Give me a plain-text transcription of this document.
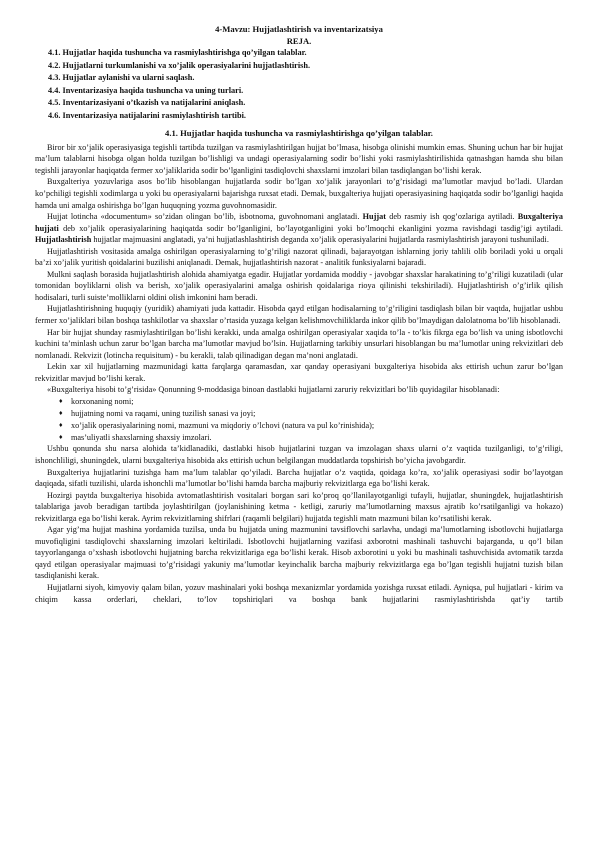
4-Mavzu: Hujjatlashtirish va inventarizatsiya

REJA.

4.1. Hujjatlar haqida tushuncha va rasmiylashtirishga qo’yilgan talablar.
4.2. Hujjatlarni turkumlanishi va xo’jalik operasiyalarini hujjatlashtirish.
4.3. Hujjatlar aylanishi va ularni saqlash.
4.4. Inventarizasiya haqida tushuncha va uning turlari.
4.5. Inventarizasiyani o’tkazish va natijalarini aniqlash.
4.6. Inventarizasiya natijalarini rasmiylashtirish tartibi.

4.1. Hujjatlar haqida tushuncha va rasmiylashtirishga qo’yilgan talablar.

Biror bir xo’jalik operasiyasiga tegishli tartibda tuzilgan va rasmiylashtirilgan hujjat bo’lmasa, hisobga olinishi mumkin emas. Shuning uchun har bir hujjat ma’lum talablarni hisobga olgan holda tuzilgan bo’lishligi va undagi operasiyalarning sodir bo’lishi yoki rasmiylashtirilishida qatnashgan hamda shu bilan tegishli jarayonlar haqiqatda fermer xo’jaliklarida sodir bo’lganligini tasdiqlovchi shaxslarni imzolari bilan tasdiqlangan bo’lishi kerak.

Buxgalteriya yozuvlariga asos bo’lib hisoblangan hujjatlarda sodir bo’lgan xo’jalik jarayonlari to’g’risidagi ma’lumotlar mavjud bo’ladi. Ulardan ko’pchiligi tegishli xodimlarga u yoki bu operasiyalarni bajarishga ruxsat etadi. Demak, buxgalteriya hujjati operasiyasining haqiqatda sodir bo’lganligi haqida hamda uni amalga oshirishga bo’lgan huquqning yozma guvohnomasidir.

Hujjat lotincha «documentum» so’zidan olingan bo’lib, isbotnoma, guvohnomani anglatadi. Hujjat deb rasmiy ish qog’ozlariga aytiladi. Buxgalteriya hujjati deb xo’jalik operasiyalarining haqiqatda sodir bo’lganligini, bo’layotganligini yoki bo’lmoqchi ekanligini yozma ravishdagi tasdig’igi aytiladi. Hujjatlashtirish hujjatlar majmuasini anglatadi, ya’ni hujjatlashlashtirish deganda xo’jalik operasiyalarini hujjatlarda rasmiylashtirish jarayoni tushuniladi.

Hujjatlashtirish vositasida amalga oshirilgan operasiyalarning to’g’riligi nazorat qilinadi, bajarayotgan ishlarning joriy tahlili olib boriladi yoki u orqali ba’zi xo’jalik yuritish qoidalarini buzilishi aniqlanadi. Demak, hujjatlashtirish nazorat - analitik funksiyalarni bajaradi.

Mulkni saqlash borasida hujjatlashtirish alohida ahamiyatga egadir. Hujjatlar yordamida moddiy - javobgar shaxslar harakatining to’g’riligi kuzatiladi (ular tomonidan boyliklarni olish va berish, xo’jalik operasiyalarini amalga oshirish qoidalariga rioya qilinishi tekshiriladi). Hujjatlashtirish o’g’irlik qilish hodisalari, turli suiste’molliklarni oldini olish imkonini ham beradi.

Hujjatlashtirishning huquqiy (yuridik) ahamiyati juda kattadir. Hisobda qayd etilgan hodisalarning to’g’riligini tasdiqlash bilan bir vaqtda, hujjatlar ushbu fermer xo’jaliklari bilan boshqa tashkilotlar va shaxslar o’rtasida yuzaga kelgan kelishmovchiliklarda inkor qilib bo’lmaydigan dalolatnoma bo’lib hisoblanadi.

Har bir hujjat shunday rasmiylashtirilgan bo’lishi kerakki, unda amalga oshirilgan operasiyalar xaqida to’la - to’kis fikrga ega bo’lish va uning isbotlovchi kuchini ta’minlash uchun zarur bo’lgan barcha ma’lumotlar mavjud bo’lsin. Hujjatlarning tarkibiy unsurlari hisoblangan bu ma’lumotlar uning rekvizitlari deb nomlanadi. Rekvizit (lotincha requisitum) - bu kerakli, talab qilinadigan degan ma’noni anglatadi.

Lekin xar xil hujjatlarning mazmunidagi katta farqlarga qaramasdan, xar qanday operasiyani buxgalteriya hisobida aks ettirish uchun zarur bo’lgan rekvizitlar mavjud bo’lishi kerak.

«Buxgalteriya hisobi to’g’risida» Qonunning 9-moddasiga binoan dastlabki hujjatlarni zaruriy rekvizitlari bo’lib quyidagilar hisoblanadi:

♦ korxonaning nomi;
♦ hujjatning nomi va raqami, uning tuzilish sanasi va joyi;
♦ xo’jalik operasiyalarining nomi, mazmuni va miqdoriy o’lchovi (natura va pul ko’rinishida);
♦ mas’uliyatli shaxslarning shaxsiy imzolari.

Ushbu qonunda shu narsa alohida ta’kidlanadiki, dastlabki hisob hujjatlarini tuzgan va imzolagan shaxs ularni o’z vaqtida tuzilganligi, to’g’riligi, ishonchliligi, shuningdek, ularni buxgalteriya hisobida aks ettirish uchun belgilangan muddatlarda topshirish bo’yicha javobgardir.

Buxgalteriya hujjatlarini tuzishga ham ma’lum talablar qo’yiladi. Barcha hujjatlar o’z vaqtida, qoidaga ko’ra, xo’jalik operasiyasi sodir bo’layotgan daqiqada, sifatli tuzilishi, ularda ishonchli ma’lumotlar bo’lishi hamda barcha majburiy rekvizitlarga ega bo’lishi kerak.

Hozirgi paytda buxgalteriya hisobida avtomatlashtirish vositalari borgan sari ko’proq qo’llanilayotganligi tufayli, hujjatlar, shuningdek, hujjatlashtirish talablariga javob beradigan tartibda joylashtirilgan (joylanishining ketma - ketligi, zaruriy ma’lumotlarning maxsus ajratib ko’rsatilganligi va hokazo) rekvizitlarga ega bo’lishi kerak. Ayrim rekvizitlarning shifrlari (raqamli belgilari) hujjatda tegishli matn mazmuni bilan ko’rsatilishi kerak.

Agar yig’ma hujjat mashina yordamida tuzilsa, unda bu hujjatda uning mazmunini tavsiflovchi sarlavha, undagi ma’lumotlarning isbotlovchi hujjatlarga muvofiqligini tasdiqlovchi shaxslarning imzolari keltiriladi. Isbotlovchi hujjatlarning vazifasi axborotni mashinali tashuvchi bajarganda, u qo’l bilan tayyorlanganga o’xshash isbotlovchi hujjatning barcha rekvizitlariga ega bo’lishi kerak. Hisob axborotini u yoki bu mashinali tashuvchisida avtomatik tarzda qayd etilgan operasiyalar majmuasi to’g’risidagi yakuniy ma’lumotlar keyinchalik barcha majburiy rekvizitlarga ega bo’lgan tegishli hujjatni tuzish bilan tasdiqlanishi kerak.

Hujjatlarni siyoh, kimyoviy qalam bilan, yozuv mashinalari yoki boshqa mexanizmlar yordamida yozishga ruxsat etiladi. Ayniqsa, pul hujjatlari - kirim va chiqim kassa orderlari, cheklari, to’lov topshiriqlari va boshqa bank hujjatlarini rasmiylashtirishda qat’iy tartib
